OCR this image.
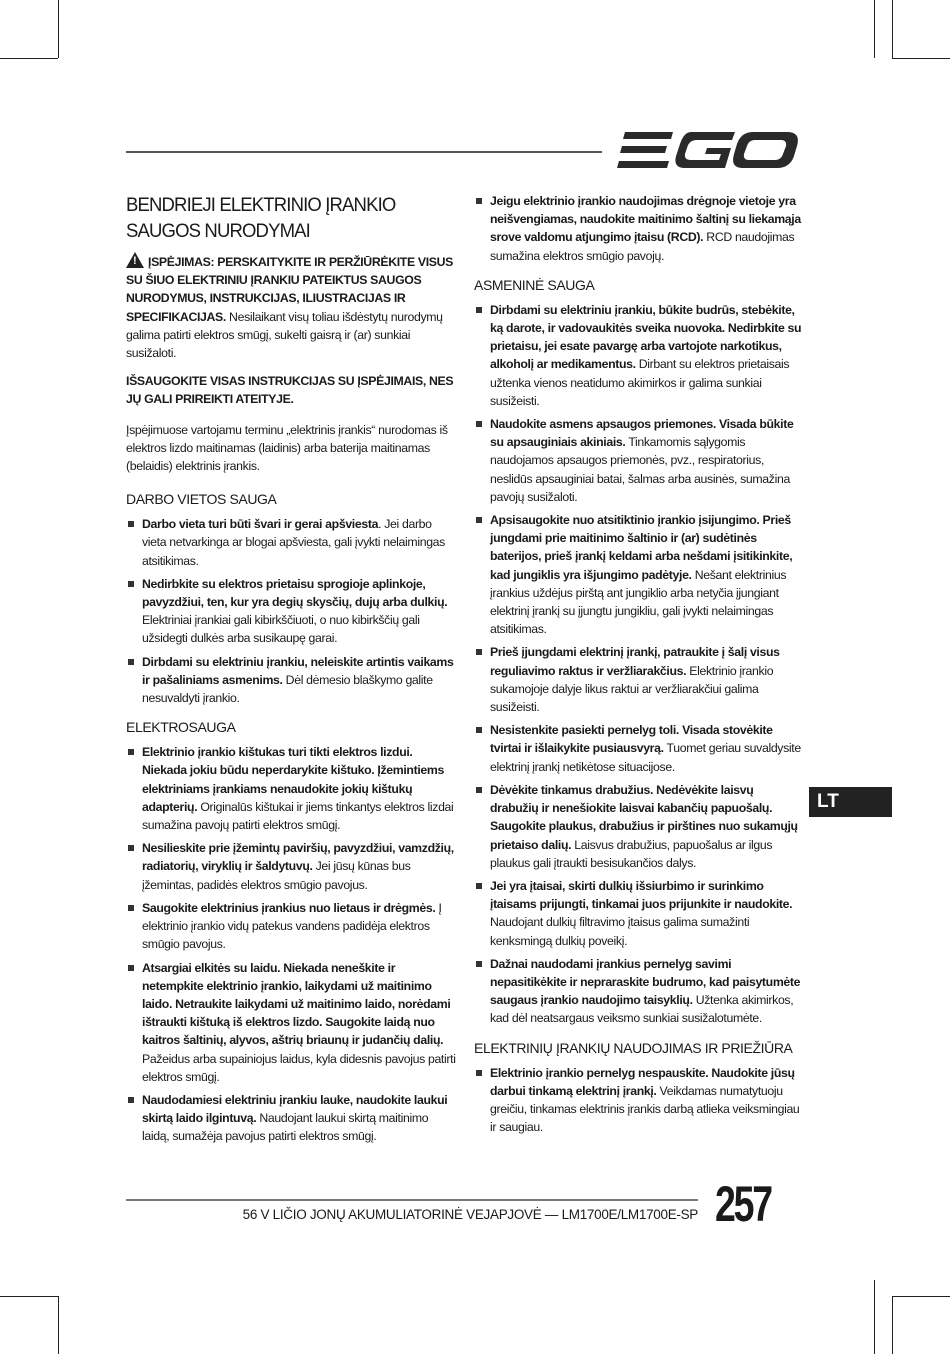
EGO
BENDRIEJI ELEKTRINIO ĮRANKIO SAUGOS NURODYMAI

!ĮSPĖJIMAS: PERSKAITYKITE IR PERŽIŪRĖKITE VISUS SU ŠIUO ELEKTRINIU ĮRANKIU PATEIKTUS SAUGOS NURODYMUS, INSTRUKCIJAS, ILIUSTRACIJAS IR SPECIFIKACIJAS. Nesilaikant visų toliau išdėstytų nurodymų galima patirti elektros smūgį, sukelti gaisrą ir (ar) sunkiai susižaloti.

IŠSAUGOKITE VISAS INSTRUKCIJAS SU ĮSPĖJIMAIS, NES JŲ GALI PRIREIKTI ATEITYJE.

Įspėjimuose vartojamu terminu „elektrinis įrankis“ nurodomas iš elektros lizdo maitinamas (laidinis) arba baterija maitinamas (belaidis) elektrinis įrankis.

DARBO VIETOS SAUGA
Darbo vieta turi būti švari ir gerai apšviesta. Jei darbo vieta netvarkinga ar blogai apšviesta, gali įvykti nelaimingas atsitikimas.
Nedirbkite su elektros prietaisu sprogioje aplinkoje, pavyzdžiui, ten, kur yra degių skysčių, dujų arba dulkių. Elektriniai įrankiai gali kibirkščiuoti, o nuo kibirkščių gali užsidegti dulkės arba susikaupę garai.
Dirbdami su elektriniu įrankiu, neleiskite artintis vaikams ir pašaliniams asmenims. Dėl dėmesio blaškymo galite nesuvaldyti įrankio.
ELEKTROSAUGA
Elektrinio įrankio kištukas turi tikti elektros lizdui. Niekada jokiu būdu neperdarykite kištuko. Įžemintiems elektriniams įrankiams nenaudokite jokių kištukų adapterių. Originalūs kištukai ir jiems tinkantys elektros lizdai sumažina pavojų patirti elektros smūgį.
Nesilieskite prie įžemintų paviršių, pavyzdžiui, vamzdžių, radiatorių, viryklių ir šaldytuvų. Jei jūsų kūnas bus įžemintas, padidės elektros smūgio pavojus.
Saugokite elektrinius įrankius nuo lietaus ir drėgmės. Į elektrinio įrankio vidų patekus vandens padidėja elektros smūgio pavojus.
Atsargiai elkitės su laidu. Niekada neneškite ir netempkite elektrinio įrankio, laikydami už maitinimo laido. Netraukite laikydami už maitinimo laido, norėdami ištraukti kištuką iš elektros lizdo. Saugokite laidą nuo kaitros šaltinių, alyvos, aštrių briaunų ir judančių dalių. Pažeidus arba supainiojus laidus, kyla didesnis pavojus patirti elektros smūgį.
Naudodamiesi elektriniu įrankiu lauke, naudokite laukui skirtą laido ilgintuvą. Naudojant laukui skirtą maitinimo laidą, sumažėja pavojus patirti elektros smūgį.
Jeigu elektrinio įrankio naudojimas drėgnoje vietoje yra neišvengiamas, naudokite maitinimo šaltinį su liekamąja srove valdomu atjungimo įtaisu (RCD). RCD naudojimas sumažina elektros smūgio pavojų.
ASMENINĖ SAUGA
Dirbdami su elektriniu įrankiu, būkite budrūs, stebėkite, ką darote, ir vadovaukitės sveika nuovoka. Nedirbkite su prietaisu, jei esate pavargę arba vartojote narkotikus, alkoholį ar medikamentus. Dirbant su elektros prietaisais užtenka vienos neatidumo akimirkos ir galima sunkiai susižeisti.
Naudokite asmens apsaugos priemones. Visada būkite su apsauginiais akiniais. Tinkamomis sąlygomis naudojamos apsaugos priemonės, pvz., respiratorius, neslidūs apsauginiai batai, šalmas arba ausinės, sumažina pavojų susižaloti.
Apsisaugokite nuo atsitiktinio įrankio įsijungimo. Prieš jungdami prie maitinimo šaltinio ir (ar) sudėtinės baterijos, prieš įrankį keldami arba nešdami įsitikinkite, kad jungiklis yra išjungimo padėtyje. Nešant elektrinius įrankius uždėjus pirštą ant jungiklio arba netyčia įjungiant elektrinį įrankį su įjungtu jungikliu, gali įvykti nelaimingas atsitikimas.
Prieš įjungdami elektrinį įrankį, patraukite į šalį visus reguliavimo raktus ir veržliarakčius. Elektrinio įrankio sukamojoje dalyje likus raktui ar veržliarakčiui galima susižeisti.
Nesistenkite pasiekti pernelyg toli. Visada stovėkite tvirtai ir išlaikykite pusiausvyrą. Tuomet geriau suvaldysite elektrinį įrankį netikėtose situacijose.
Dėvėkite tinkamus drabužius. Nedėvėkite laisvų drabužių ir nenešiokite laisvai kabančių papuošalų. Saugokite plaukus, drabužius ir pirštines nuo sukamųjų prietaiso dalių. Laisvus drabužius, papuošalus ar ilgus plaukus gali įtraukti besisukančios dalys.
Jei yra įtaisai, skirti dulkių išsiurbimo ir surinkimo įtaisams prijungti, tinkamai juos prijunkite ir naudokite. Naudojant dulkių filtravimo įtaisus galima sumažinti kenksmingą dulkių poveikį.
Dažnai naudodami įrankius pernelyg savimi nepasitikėkite ir nepraraskite budrumo, kad paisytumėte saugaus įrankio naudojimo taisyklių. Užtenka akimirkos, kad dėl neatsargaus veiksmo sunkiai susižalotumėte.
ELEKTRINIŲ ĮRANKIŲ NAUDOJIMAS IR PRIEŽIŪRA
Elektrinio įrankio pernelyg nespauskite. Naudokite jūsų darbui tinkamą elektrinį įrankį. Veikdamas numatytuoju greičiu, tinkamas elektrinis įrankis darbą atlieka veiksmingiau ir saugiau.
LT
56 V LIČIO JONŲ AKUMULIATORINĖ VEJAPJOVĖ — LM1700E/LM1700E-SP 257
